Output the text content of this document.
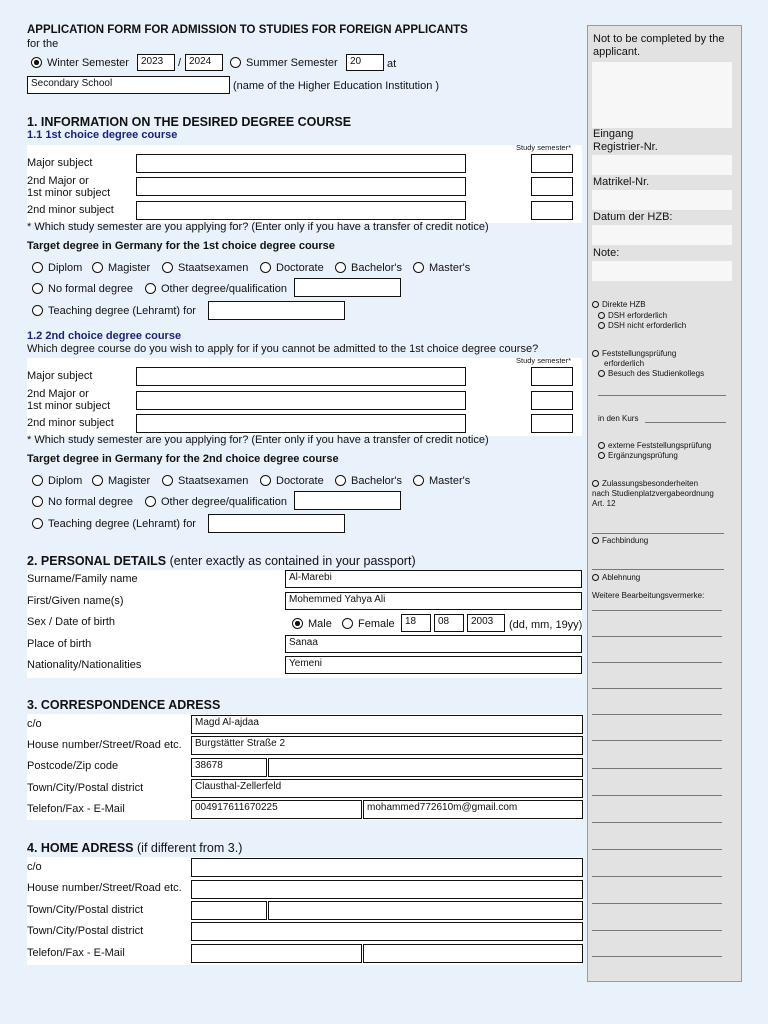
APPLICATION FORM FOR ADMISSION TO STUDIES FOR FOREIGN APPLICANTS
for the
Winter Semester	2023	/ 2024	Summer Semester	20	at
Secondary School	(name of the Higher Education Institution )
1. INFORMATION ON THE DESIRED DEGREE COURSE
1.1 1st choice degree course
Study semester*
Major subject
2nd Major or
1st minor subject
2nd minor subject
* Which study semester are you applying for? (Enter only if you have a transfer of credit notice)
Target degree in Germany for the 1st choice degree course
Diplom	Magister	Staatsexamen	Doctorate	Bachelor's	Master's
No formal degree	Other degree/qualification
Teaching degree (Lehramt) for
1.2 2nd choice degree course
Which degree course do you wish to apply for if you cannot be admitted to the 1st choice degree course?
Study semester*
Major subject
2nd Major or
1st minor subject
2nd minor subject
* Which study semester are you applying for? (Enter only if you have a transfer of credit notice)
Target degree in Germany for the 2nd choice degree course
Diplom	Magister	Staatsexamen	Doctorate	Bachelor's	Master's
No formal degree	Other degree/qualification
Teaching degree (Lehramt) for
2. PERSONAL DETAILS (enter exactly as contained in your passport)
Surname/Family name	Al-Marebi
First/Given name(s)	Mohemmed Yahya Ali
Sex / Date of birth	Male	Female	18	08	2003	(dd, mm, 19yy)
Place of birth	Sanaa
Nationality/Nationalities	Yemeni
3. CORRESPONDENCE ADRESS
c/o	Magd Al-ajdaa
House number/Street/Road etc.	Burgstätter Straße 2
Postcode/Zip code	38678
Town/City/Postal district	Clausthal-Zellerfeld
Telefon/Fax - E-Mail	004917611670225	mohammed772610m@gmail.com
4. HOME ADRESS (if different from 3.)
c/o
House number/Street/Road etc.
Town/City/Postal district
Town/City/Postal district
Telefon/Fax - E-Mail
Not to be completed by the
applicant.
Eingang
Registrier-Nr.
Matrikel-Nr.
Datum der HZB:
Note:
Direkte HZB
DSH erforderlich
DSH nicht erforderlich
Feststellungsprüfung
erforderlich
Besuch des Studienkollegs
in den Kurs
externe Feststellungsprüfung
Ergänzungsprüfung
Zulassungsbesonderheiten
nach Studienplatzvergabeordnung
Art. 12
Fachbindung
Ablehnung
Weitere Bearbeitungsvermerke:
